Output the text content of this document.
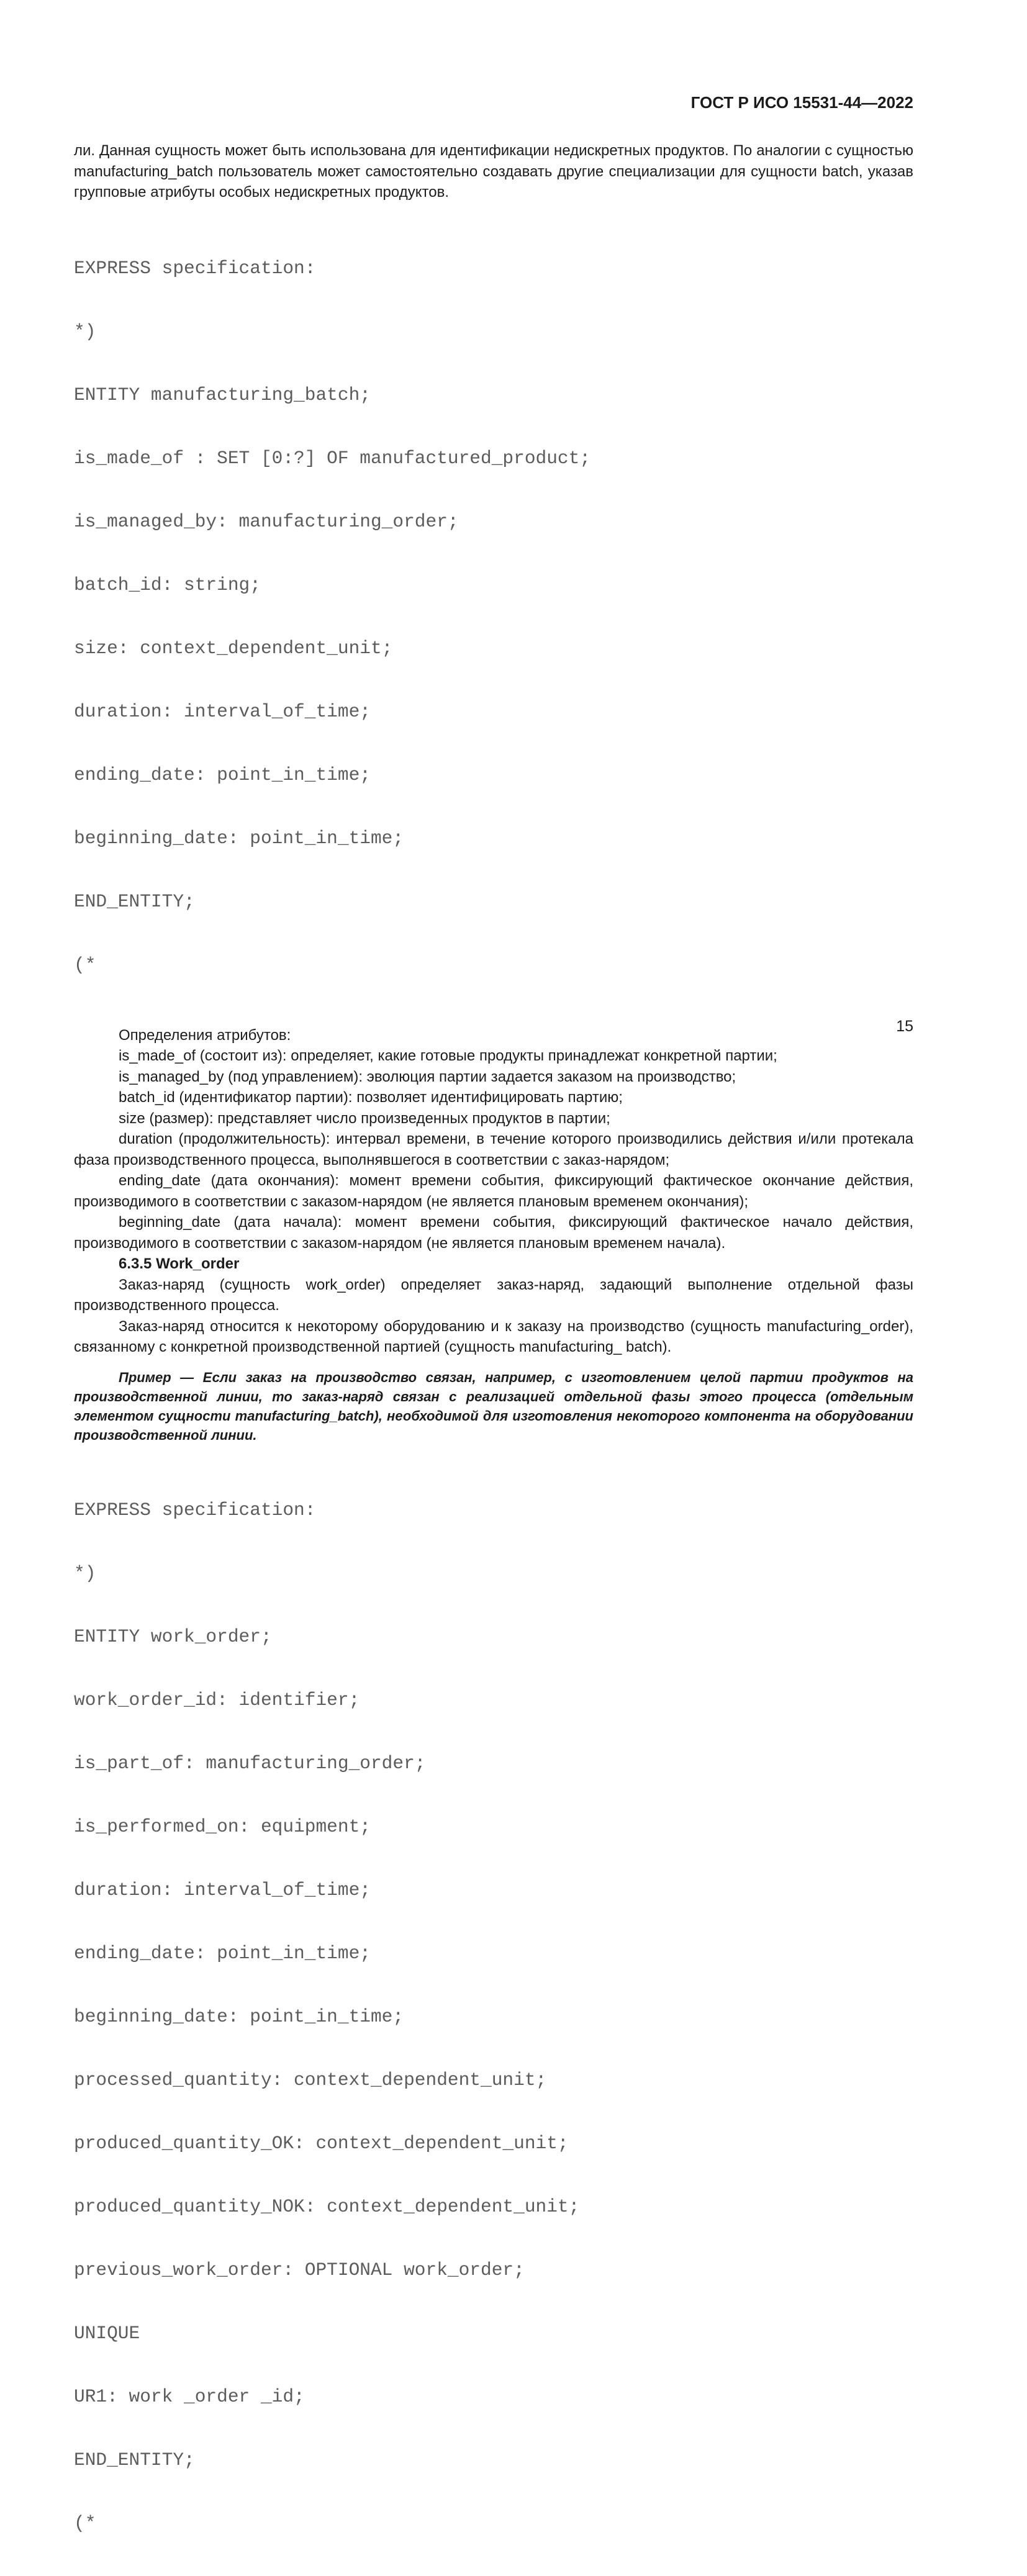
ГОСТ Р ИСО 15531-44—2022

ли. Данная сущность может быть использована для идентификации недискретных продуктов. По аналогии с сущностью manufacturing_batch пользователь может самостоятельно создавать другие специализации для сущности batch, указав групповые атрибуты особых недискретных продуктов.

EXPRESS specification:

*)

ENTITY manufacturing_batch;

is_made_of : SET [0:?] OF manufactured_product;

is_managed_by: manufacturing_order;

batch_id: string;

size: context_dependent_unit;

duration: interval_of_time;

ending_date: point_in_time;

beginning_date: point_in_time;

END_ENTITY;

(*

Определения атрибутов:

is_made_of (состоит из): определяет, какие готовые продукты принадлежат конкретной партии;

is_managed_by (под управлением): эволюция партии задается заказом на производство;

batch_id (идентификатор партии): позволяет идентифицировать партию;

size (размер): представляет число произведенных продуктов в партии;

duration (продолжительность): интервал времени, в течение которого производились действия и/или протекала фаза производственного процесса, выполнявшегося в соответствии с заказ-нарядом;

ending_date (дата окончания): момент времени события, фиксирующий фактическое окончание действия, производимого в соответствии с заказом-нарядом (не является плановым временем окончания);

beginning_date (дата начала): момент времени события, фиксирующий фактическое начало действия, производимого в соответствии с заказом-нарядом (не является плановым временем начала).

6.3.5 Work_order

Заказ-наряд (сущность work_order) определяет заказ-наряд, задающий выполнение отдельной фазы производственного процесса.

Заказ-наряд относится к некоторому оборудованию и к заказу на производство (сущность manufacturing_order), связанному с конкретной производственной партией (сущность manufacturing_ batch).

Пример — Если заказ на производство связан, например, с изготовлением целой партии продуктов на производственной линии, то заказ-наряд связан с реализацией отдельной фазы этого процесса (отдельным элементом сущности manufacturing_batch), необходимой для изготовления некоторого компонента на оборудовании производственной линии.

EXPRESS specification:

*)

ENTITY work_order;

work_order_id: identifier;

is_part_of: manufacturing_order;

is_performed_on: equipment;

duration: interval_of_time;

ending_date: point_in_time;

beginning_date: point_in_time;

processed_quantity: context_dependent_unit;

produced_quantity_OK: context_dependent_unit;

produced_quantity_NOK: context_dependent_unit;

previous_work_order: OPTIONAL work_order;

UNIQUE

UR1: work _order _id;

END_ENTITY;

(*

15
